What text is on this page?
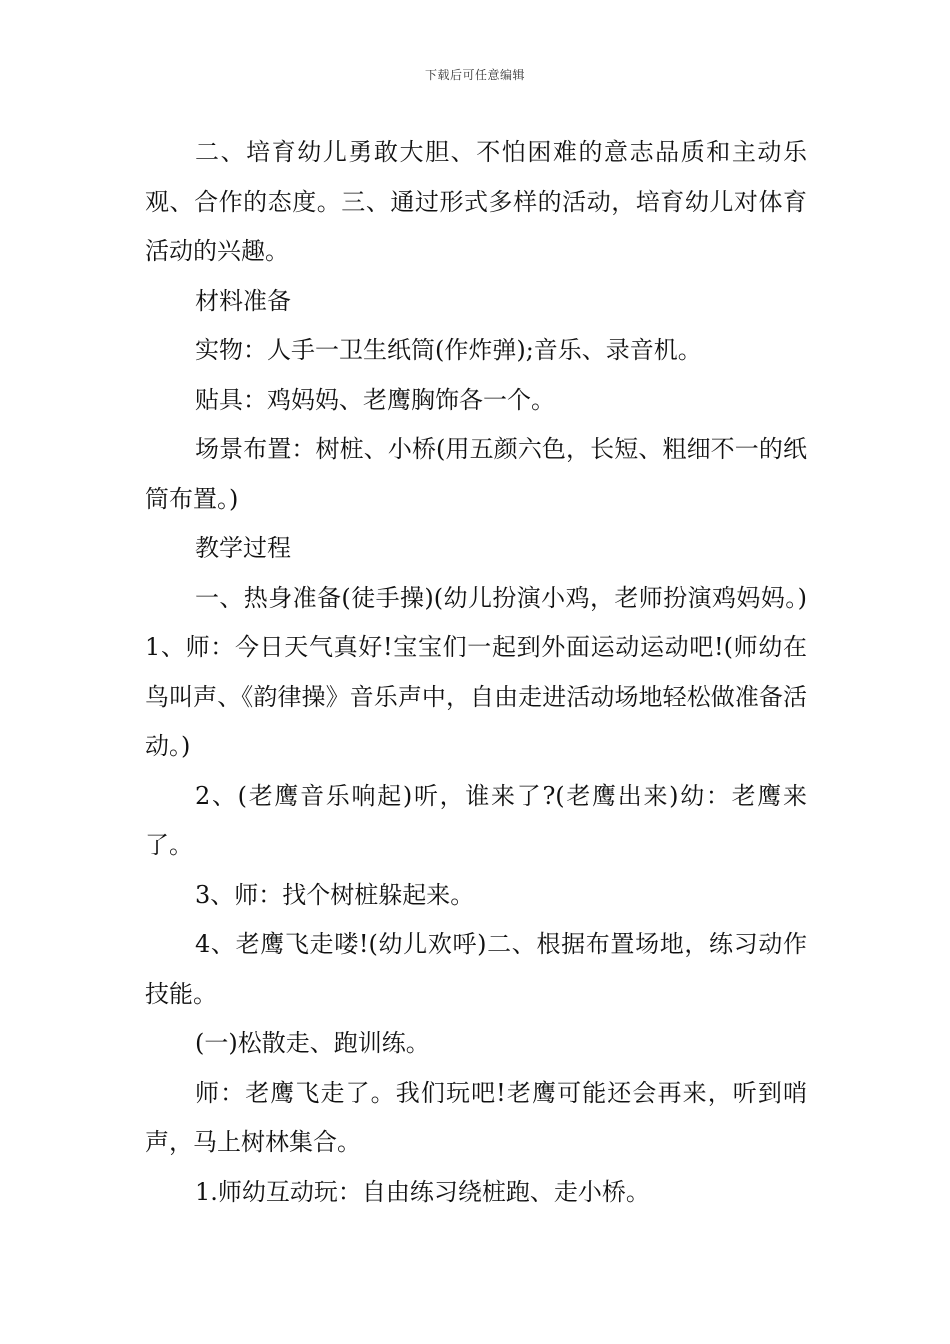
下载后可任意编辑

二、培育幼儿勇敢大胆、不怕困难的意志品质和主动乐观、合作的态度。三、通过形式多样的活动，培育幼儿对体育活动的兴趣。

材料准备

实物：人手一卫生纸筒(作炸弹);音乐、录音机。

贴具：鸡妈妈、老鹰胸饰各一个。

场景布置：树桩、小桥(用五颜六色，长短、粗细不一的纸筒布置。)

教学过程

一、热身准备(徒手操)(幼儿扮演小鸡，老师扮演鸡妈妈。)1、师：今日天气真好!宝宝们一起到外面运动运动吧!(师幼在鸟叫声、《韵律操》音乐声中，自由走进活动场地轻松做准备活动。)

2、(老鹰音乐响起)听，谁来了?(老鹰出来)幼：老鹰来了。

3、师：找个树桩躲起来。

4、老鹰飞走喽!(幼儿欢呼)二、根据布置场地，练习动作技能。

(一)松散走、跑训练。

师：老鹰飞走了。我们玩吧!老鹰可能还会再来，听到哨声，马上树林集合。

1.师幼互动玩：自由练习绕桩跑、走小桥。
